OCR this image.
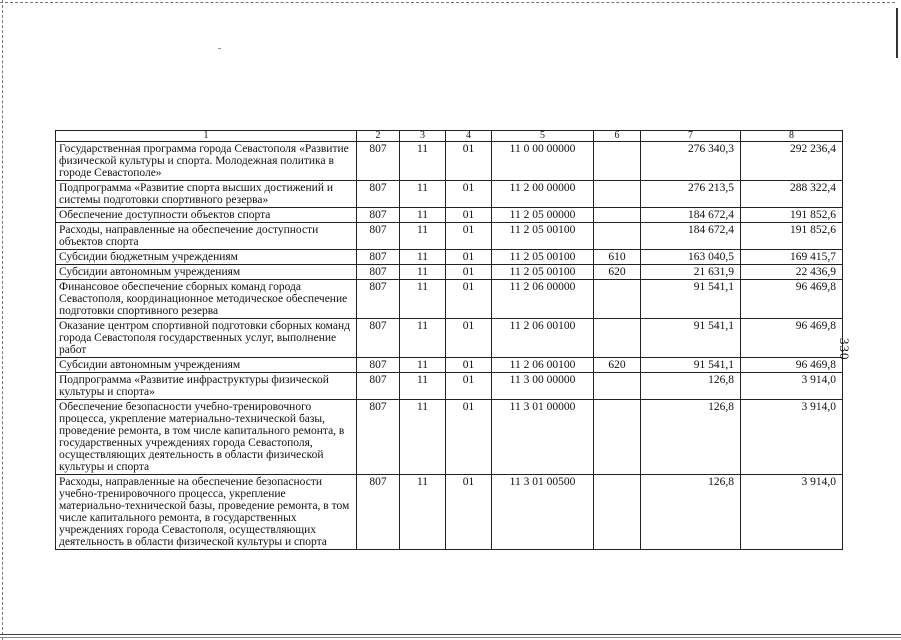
1	2	3	4	5	6	7	8
Государственная программа города Севастополя «Развитие физической культуры и спорта. Молодежная политика в городе Севастополе»	807	11	01	11 0 00 00000		276 340,3	292 236,4
Подпрограмма «Развитие спорта высших достижений и системы подготовки спортивного резерва»	807	11	01	11 2 00 00000		276 213,5	288 322,4
Обеспечение доступности объектов спорта	807	11	01	11 2 05 00000		184 672,4	191 852,6
Расходы, направленные на обеспечение доступности объектов спорта	807	11	01	11 2 05 00100		184 672,4	191 852,6
Субсидии бюджетным учреждениям	807	11	01	11 2 05 00100	610	163 040,5	169 415,7
Субсидии автономным учреждениям	807	11	01	11 2 05 00100	620	21 631,9	22 436,9
Финансовое обеспечение сборных команд города Севастополя, координационное методическое обеспечение подготовки спортивного резерва	807	11	01	11 2 06 00000		91 541,1	96 469,8
Оказание центром спортивной подготовки сборных команд города Севастополя государственных услуг, выполнение работ	807	11	01	11 2 06 00100		91 541,1	96 469,8
Субсидии автономным учреждениям	807	11	01	11 2 06 00100	620	91 541,1	96 469,8
Подпрограмма «Развитие инфраструктуры физической культуры и спорта»	807	11	01	11 3 00 00000		126,8	3 914,0
Обеспечение безопасности учебно-тренировочного процесса, укрепление материально-технической базы, проведение ремонта, в том числе капитального ремонта, в государственных учреждениях города Севастополя, осуществляющих деятельность в области физической культуры и спорта	807	11	01	11 3 01 00000		126,8	3 914,0
Расходы, направленные на обеспечение безопасности учебно-тренировочного процесса, укрепление материально-технической базы, проведение ремонта, в том числе капитального ремонта, в государственных учреждениях города Севастополя, осуществляющих деятельность в области физической культуры и спорта	807	11	01	11 3 01 00500		126,8	3 914,0
330
